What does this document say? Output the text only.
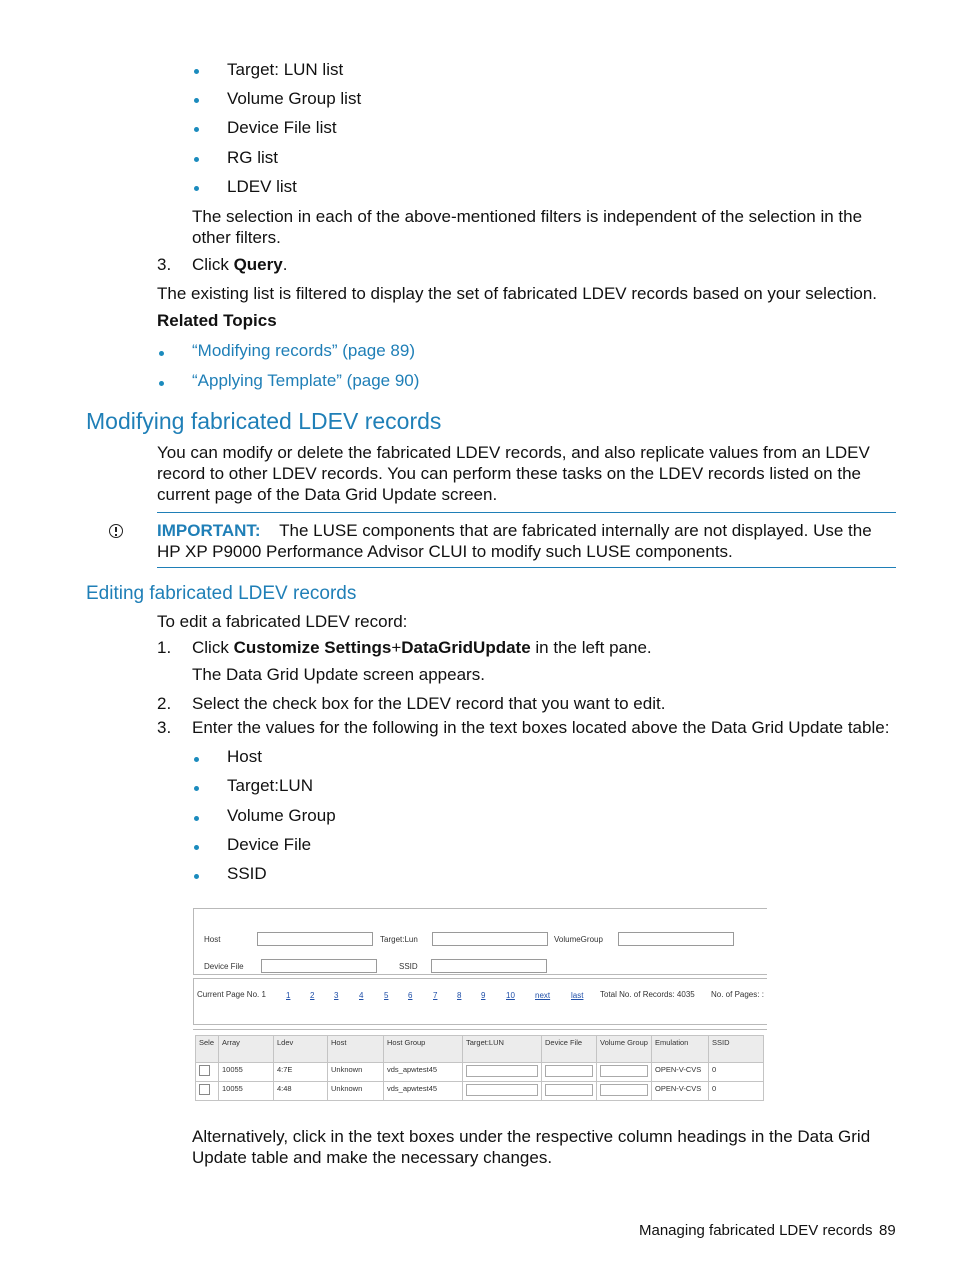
Target: LUN list
Volume Group list
Device File list
RG list
LDEV list
The selection in each of the above-mentioned filters is independent of the selection in the other filters.
3. Click Query.
The existing list is filtered to display the set of fabricated LDEV records based on your selection.
Related Topics
“Modifying records” (page 89)
“Applying Template” (page 90)
Modifying fabricated LDEV records
You can modify or delete the fabricated LDEV records, and also replicate values from an LDEV record to other LDEV records. You can perform these tasks on the LDEV records listed on the current page of the Data Grid Update screen.
IMPORTANT: The LUSE components that are fabricated internally are not displayed. Use the HP XP P9000 Performance Advisor CLUI to modify such LUSE components.
Editing fabricated LDEV records
To edit a fabricated LDEV record:
1. Click Customize Settings+DataGridUpdate in the left pane.
The Data Grid Update screen appears.
2. Select the check box for the LDEV record that you want to edit.
3. Enter the values for the following in the text boxes located above the Data Grid Update table:
Host
Target:LUN
Volume Group
Device File
SSID
Host	Target:Lun	VolumeGroup
Device File	SSID
Current Page No. 1	1 2 3	4	5 6	7 8 9	10	next	last Total No. of Records: 4035 No. of Pages: :
Sele	Array	Ldev	Host	Host Group	Target:LUN	Device File	Volume Group	Emulation	SSID
	10055	4:7E	Unknown	vds_apwtest45				OPEN-V-CVS	0
	10055	4:48	Unknown	vds_apwtest45				OPEN-V-CVS	0
Alternatively, click in the text boxes under the respective column headings in the Data Grid Update table and make the necessary changes.
Managing fabricated LDEV records 89
